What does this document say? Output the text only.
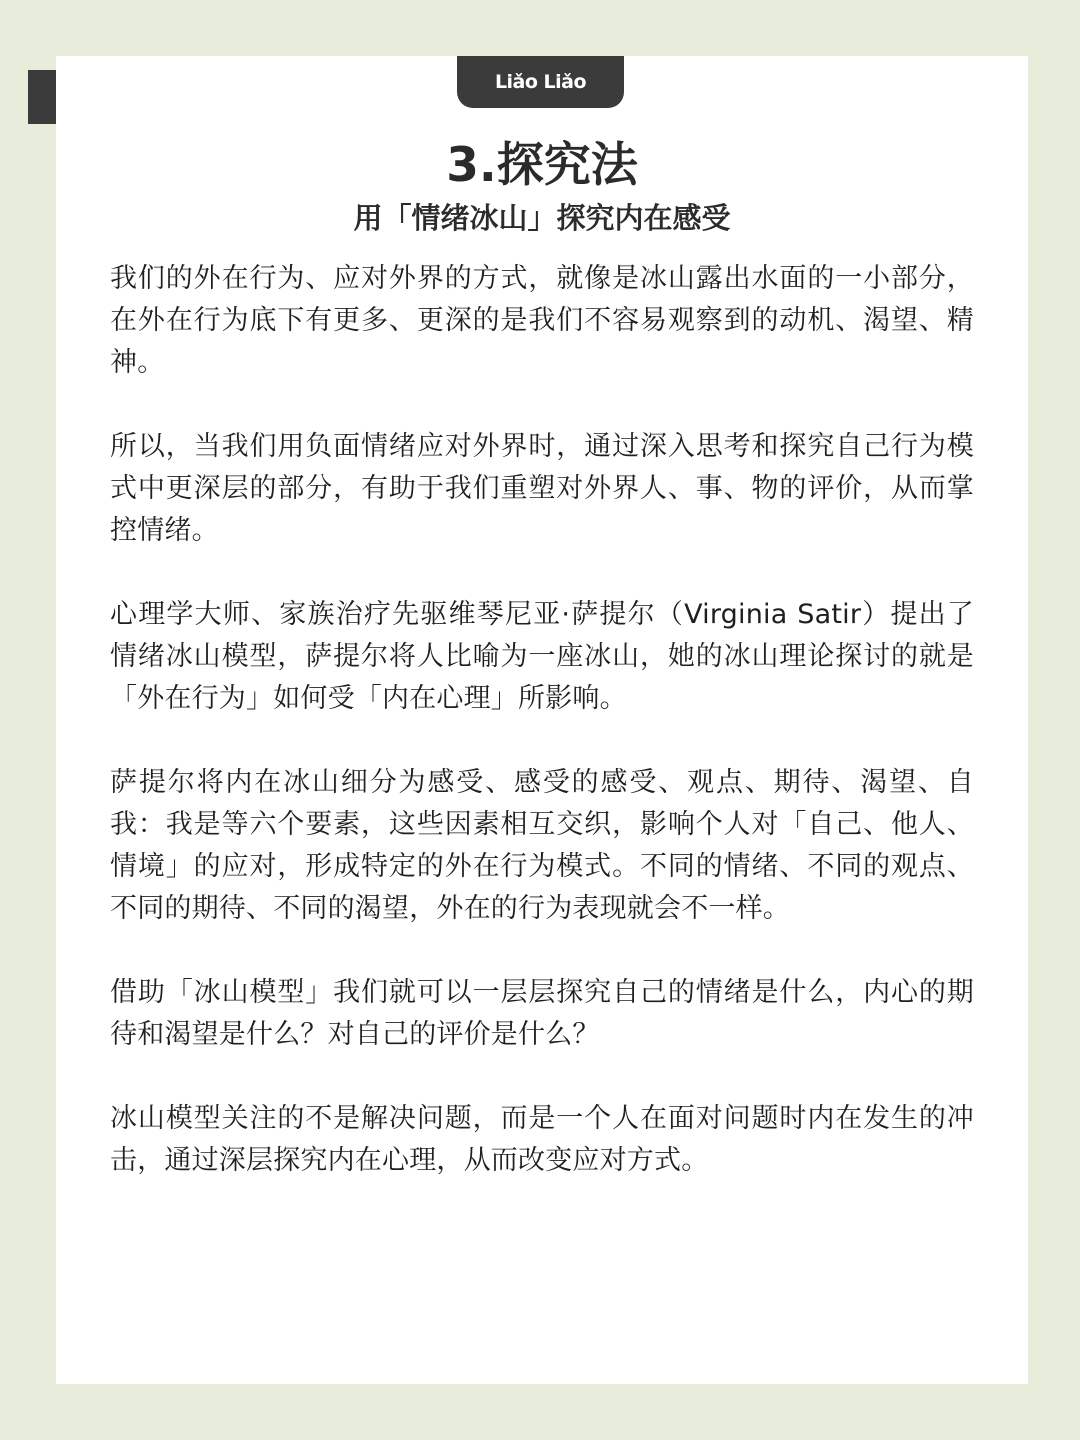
Liǎo Liǎo
3.探究法
用「情绪冰山」探究内在感受

我们的外在行为、应对外界的方式，就像是冰山露出水面的一小部分，在外在行为底下有更多、更深的是我们不容易观察到的动机、渴望、精神。

所以，当我们用负面情绪应对外界时，通过深入思考和探究自己行为模式中更深层的部分，有助于我们重塑对外界人、事、物的评价，从而掌控情绪。

心理学大师、家族治疗先驱维琴尼亚·萨提尔（Virginia Satir）提出了情绪冰山模型，萨提尔将人比喻为一座冰山，她的冰山理论探讨的就是「外在行为」如何受「内在心理」所影响。

萨提尔将内在冰山细分为感受、感受的感受、观点、期待、渴望、自我：我是等六个要素，这些因素相互交织，影响个人对「自己、他人、情境」的应对，形成特定的外在行为模式。不同的情绪、不同的观点、不同的期待、不同的渴望，外在的行为表现就会不一样。

借助「冰山模型」我们就可以一层层探究自己的情绪是什么，内心的期待和渴望是什么？对自己的评价是什么？

冰山模型关注的不是解决问题，而是一个人在面对问题时内在发生的冲击，通过深层探究内在心理，从而改变应对方式。
